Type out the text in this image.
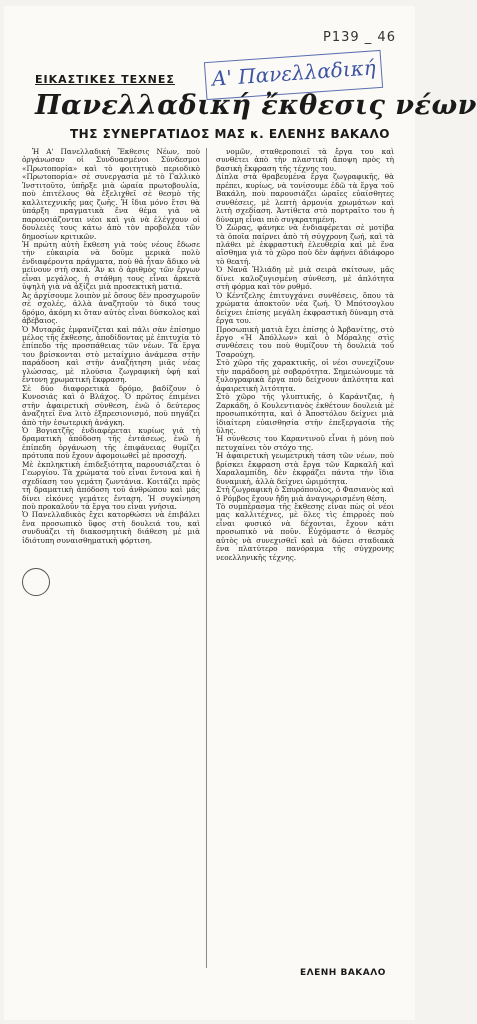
P139 _ 46
Α' Πανελλαδική
ΕΙΚΑΣΤΙΚΕΣ ΤΕΧΝΕΣ
Πανελλαδική ἔκθεσις νέων
ΤΗΣ ΣΥΝΕΡΓΑΤΙΔΟΣ ΜΑΣ κ. ΕΛΕΝΗΣ ΒΑΚΑΛΟ

Ἡ Α' Πανελλαδική Ἔκθεσις Νέων, ποὺ ὀργάνωσαν οἱ Συνδυασμένοι Σύνδεσμοι «Πρωτοπορία» καὶ τὸ φοιτητικὸ περιοδικὸ «Πρωτοπορία» σὲ συνεργασία μὲ τὸ Γαλλικὸ Ἰνστιτοῦτο, ὑπῆρξε μιὰ ὡραία πρωτοβουλία, ποὺ ἐπιτέλους θὰ ἐξελιχθεῖ σὲ θεσμὸ τῆς καλλιτεχνικῆς μας ζωῆς. Ἡ ἴδια μόνο ἔτσι θὰ ὑπάρξη πραγματικὰ ἕνα θέμα γιὰ νὰ παρουσιάζονται νέοι καὶ γιὰ νὰ ἐλέγχουν οἱ δουλειὲς τους κάτω ἀπὸ τὸν προβολέα τῶν δημοσίων κριτικῶν.
Ἡ πρώτη αὐτὴ ἔκθεση γιὰ τοὺς νέους ἔδωσε τὴν εὐκαιρία νὰ δοῦμε μερικὰ πολὺ ἐνδιαφέροντα πράγματα, ποὺ θὰ ἦταν ἄδικο νὰ μείνουν στὴ σκιά. Ἂν κι ὁ ἀριθμὸς τῶν ἔργων εἶναι μεγάλος, ἡ στάθμη τους εἶναι ἀρκετὰ ὑψηλὴ γιὰ νὰ ἀξίζει μιὰ προσεκτικὴ ματιά.
Ἀς ἀρχίσουμε λοιπὸν μὲ ὅσους δὲν προσχωροῦν σὲ σχολές, ἀλλὰ ἀναζητοῦν τὸ δικό τους δρόμο, ἀκόμη κι ὅταν αὐτὸς εἶναι δύσκολος καὶ ἀβέβαιος.
Ὁ Μυταρᾶς ἐμφανίζεται καὶ πάλι σὰν ἐπίσημο μέλος τῆς ἔκθεσης, ἀποδίδοντας μὲ ἐπιτυχία τὸ ἐπίπεδο τῆς προσπάθειας τῶν νέων. Τὰ ἔργα του βρίσκονται στὸ μεταίχμιο ἀνάμεσα στὴν παράδοση καὶ στὴν ἀναζήτηση μιᾶς νέας γλώσσας, μὲ πλούσια ζωγραφικὴ ὑφή καὶ ἔντονη χρωματική ἔκφραση.
Σὲ δύο διαφορετικὰ δρόμο, βαδίζουν ὁ Κυνοσιάς καὶ ὁ Βλάχος. Ὁ πρῶτος ἐπιμένει στὴν ἀφαιρετικὴ σύνθεση, ἐνῶ ὁ δεύτερος ἀναζητεῖ ἕνα λιτὸ ἐξπρεσιονισμό, ποὺ πηγάζει ἀπὸ τὴν ἐσωτερικὴ ἀνάγκη.
Ὁ Βογιατζῆς ἐνδιαφέρεται κυρίως γιὰ τὴ δραματικὴ ἀπόδοση τῆς ἐντάσεως, ἐνῶ ἡ ἐπίπεδη ὀργάνωση τῆς ἐπιφάνειας θυμίζει πρότυπα ποὺ ἔχουν ἀφομοιωθεῖ μὲ προσοχή.
Μὲ ἐκπληκτικὴ ἐπιδεξιότητα παρουσιάζεται ὁ Γεωργίου. Τὰ χρώματα τοῦ εἶναι ἔντονα καὶ ἡ σχεδίαση του γεμάτη ζωντάνια. Κοιτάζει πρὸς τὴ δραματικὴ ἀπόδοση τοῦ ἀνθρώπου καὶ μᾶς δίνει εἰκόνες γεμάτες ἔνταση. Ἡ συγκίνηση ποὺ προκαλοῦν τὰ ἔργα του εἶναι γνήσια.
Ὁ Πανελλαδικὸς ἔχει κατορθώσει νὰ ἐπιβάλει ἕνα προσωπικὸ ὕφος στὴ δουλειά του, καὶ συνδυάζει τὴ διακοσμητικὴ διάθεση μὲ μιὰ ἰδιότυπη συναισθηματικὴ φόρτιση.

νομῶν, σταθεροποιεῖ τὰ ἔργα του καὶ συνθέτει ἀπὸ τὴν πλαστικὴ ἄποψη πρὸς τὴ βασικὴ ἔκφραση τῆς τέχνης του.
Δίπλα στὰ θραβευμένα ἔργα ζωγραφικῆς, θὰ πρέπει, κυρίως, νὰ τονίσουμε ἐδῶ τὰ ἔργα τοῦ Βακάλη, ποὺ παρουσιάζει ὡραῖες εὐαίσθητες συνθέσεις, μὲ λεπτὴ ἁρμονία χρωμάτων καὶ λιτὴ σχεδίαση. Ἀντίθετα στὸ πορτραῖτο του ἡ δύναμη εἶναι πιὸ συγκρατημένη.
Ὁ Ζώρας, φάνηκε νὰ ἐνδιαφέρεται σὲ μοτίβα τὰ ὁποῖα παίρνει ἀπὸ τὴ σύγχρονη ζωή, καὶ τὰ πλάθει μὲ ἐκφραστικὴ ἐλευθερία καὶ μὲ ἕνα αἴσθημα γιὰ τὸ χῶρο ποὺ δὲν ἀφήνει ἀδιάφορο τὸ θεατή.
Ὁ Νανᾶ Ἠλιάδη μὲ μιὰ σειρὰ σκίτσων, μᾶς δίνει καλοζυγισμένη σύνθεση, μὲ ἀπλότητα στὴ φόρμα καὶ τὸν ρυθμό.
Ὁ Κέντζελης ἐπιτυγχάνει συνθέσεις, ὅπου τὰ χρώματα ἀποκτοῦν νέα ζωή. Ὁ Μπότσογλου δείχνει ἐπίσης μεγάλη ἐκφραστικὴ δύναμη στὰ ἔργα του.
Προσωπικὴ ματιὰ ἔχει ἐπίσης ὁ Ἀρβανίτης, στὸ ἔργο «Ἡ Ἀπόλλων» καὶ ὁ Μόραλης στὶς συνθέσεις του ποὺ θυμίζουν τὴ δουλειὰ τοῦ Τσαρούχη.
Στὸ χῶρο τῆς χαρακτικῆς, οἱ νέοι συνεχίζουν τὴν παράδοση μὲ σοβαρότητα. Σημειώνουμε τὰ ξυλογραφικὰ ἔργα ποὺ δείχνουν ἀπλότητα καὶ ἀφαιρετικὴ λιτότητα.
Στὸ χῶρο τῆς γλυπτικῆς, ὁ Καράντζας, ἡ Ζαρκάδη, ὁ Κουλεντιανὸς ἐκθέτουν δουλειὰ μὲ προσωπικότητα, καὶ ὁ Ἀποστόλου δείχνει μιὰ ἰδιαίτερη εὐαισθησία στὴν ἐπεξεργασία τῆς ὕλης.
Ἡ σύνθεσις του Καραντινοῦ εἶναι ἡ μόνη ποὺ πετυχαίνει τὸν στόχο της.
Ἡ ἀφαιρετικὴ γεωμετρικὴ τάση τῶν νέων, ποὺ βρίσκει ἔκφραση στὰ ἔργα τῶν Καρκαλῆ καὶ Χαραλαμπίδη, δὲν ἐκφράζει πάντα τὴν ἴδια δυναμικὴ, ἀλλὰ δείχνει ὡριμότητα.
Στὴ ζωγραφικὴ ὁ Σπυρόπουλος, ὁ Φασιανὸς καὶ ὁ Ρόμβος ἔχουν ἤδη μιὰ ἀναγνωρισμένη θέση.
Τὸ συμπέρασμα τῆς ἔκθεσης εἶναι πὼς οἱ νέοι μας καλλιτέχνες, μὲ ὅλες τὶς ἐπιρροὲς ποὺ εἶναι φυσικό νὰ δέχονται, ἔχουν κάτι προσωπικὸ νὰ ποῦν. Εὐχόμαστε ὁ θεσμὸς αὐτὸς νὰ συνεχισθεῖ καὶ νὰ δώσει σταδιακὰ ἕνα πλατύτερο πανόραμα τῆς σύγχρονης νεοελληνικῆς τέχνης.

ΕΛΕΝΗ ΒΑΚΑΛΟ
